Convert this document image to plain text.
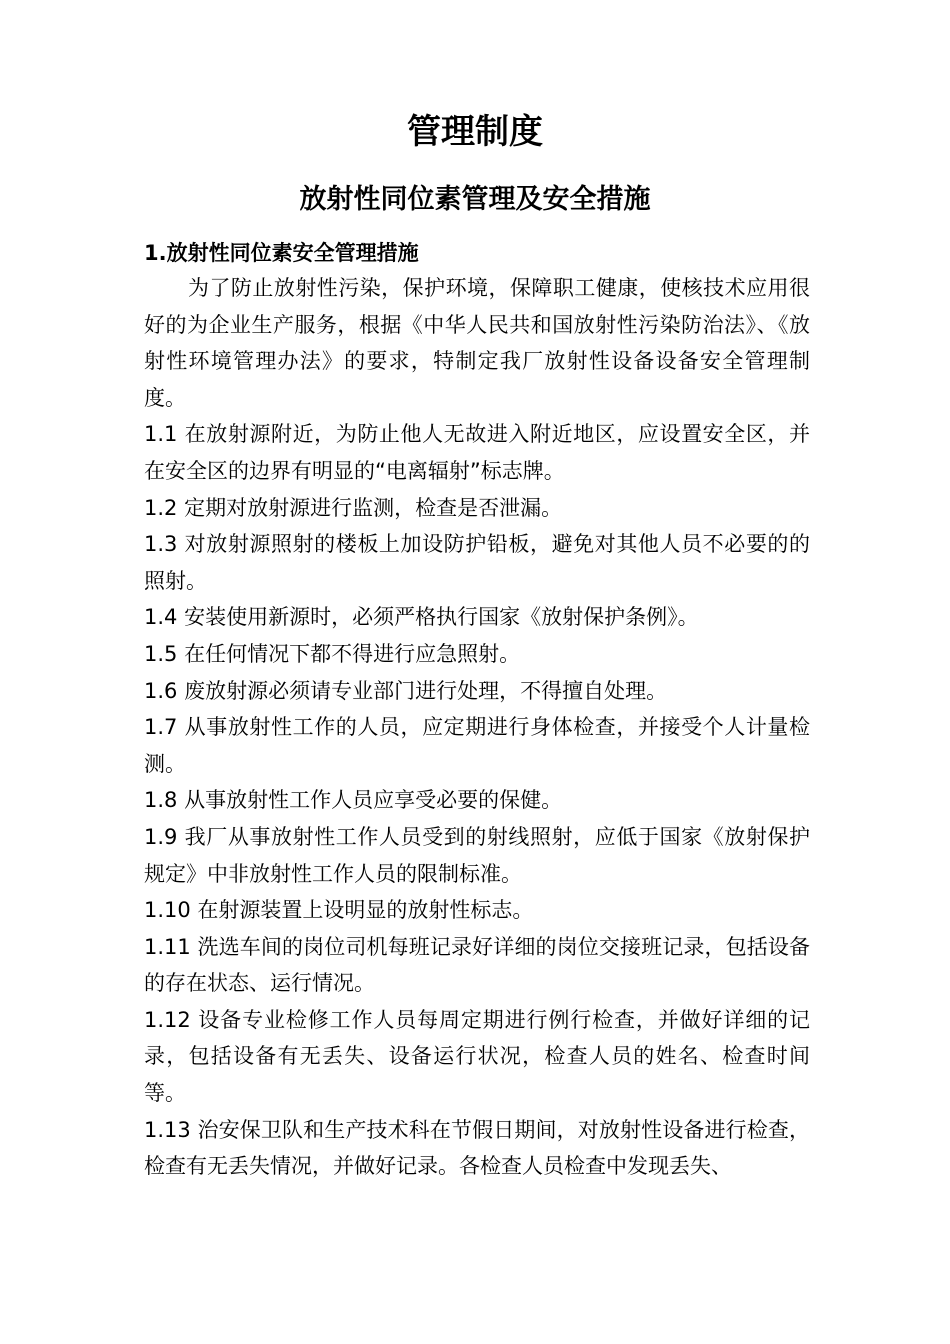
管理制度
放射性同位素管理及安全措施

1.放射性同位素安全管理措施

为了防止放射性污染，保护环境，保障职工健康，使核技术应用很好的为企业生产服务，根据《中华人民共和国放射性污染防治法》、《放射性环境管理办法》的要求，特制定我厂放射性设备设备安全管理制度。

1.1 在放射源附近，为防止他人无故进入附近地区，应设置安全区，并在安全区的边界有明显的“电离辐射”标志牌。

1.2 定期对放射源进行监测，检查是否泄漏。

1.3 对放射源照射的楼板上加设防护铅板，避免对其他人员不必要的的照射。

1.4 安装使用新源时，必须严格执行国家《放射保护条例》。

1.5 在任何情况下都不得进行应急照射。

1.6 废放射源必须请专业部门进行处理，不得擅自处理。

1.7 从事放射性工作的人员，应定期进行身体检查，并接受个人计量检测。

1.8 从事放射性工作人员应享受必要的保健。

1.9 我厂从事放射性工作人员受到的射线照射，应低于国家《放射保护规定》中非放射性工作人员的限制标准。

1.10 在射源装置上设明显的放射性标志。

1.11 洗选车间的岗位司机每班记录好详细的岗位交接班记录，包括设备的存在状态、运行情况。

1.12 设备专业检修工作人员每周定期进行例行检查，并做好详细的记录，包括设备有无丢失、设备运行状况，检查人员的姓名、检查时间等。

1.13 治安保卫队和生产技术科在节假日期间，对放射性设备进行检查，检查有无丢失情况，并做好记录。各检查人员检查中发现丢失、
